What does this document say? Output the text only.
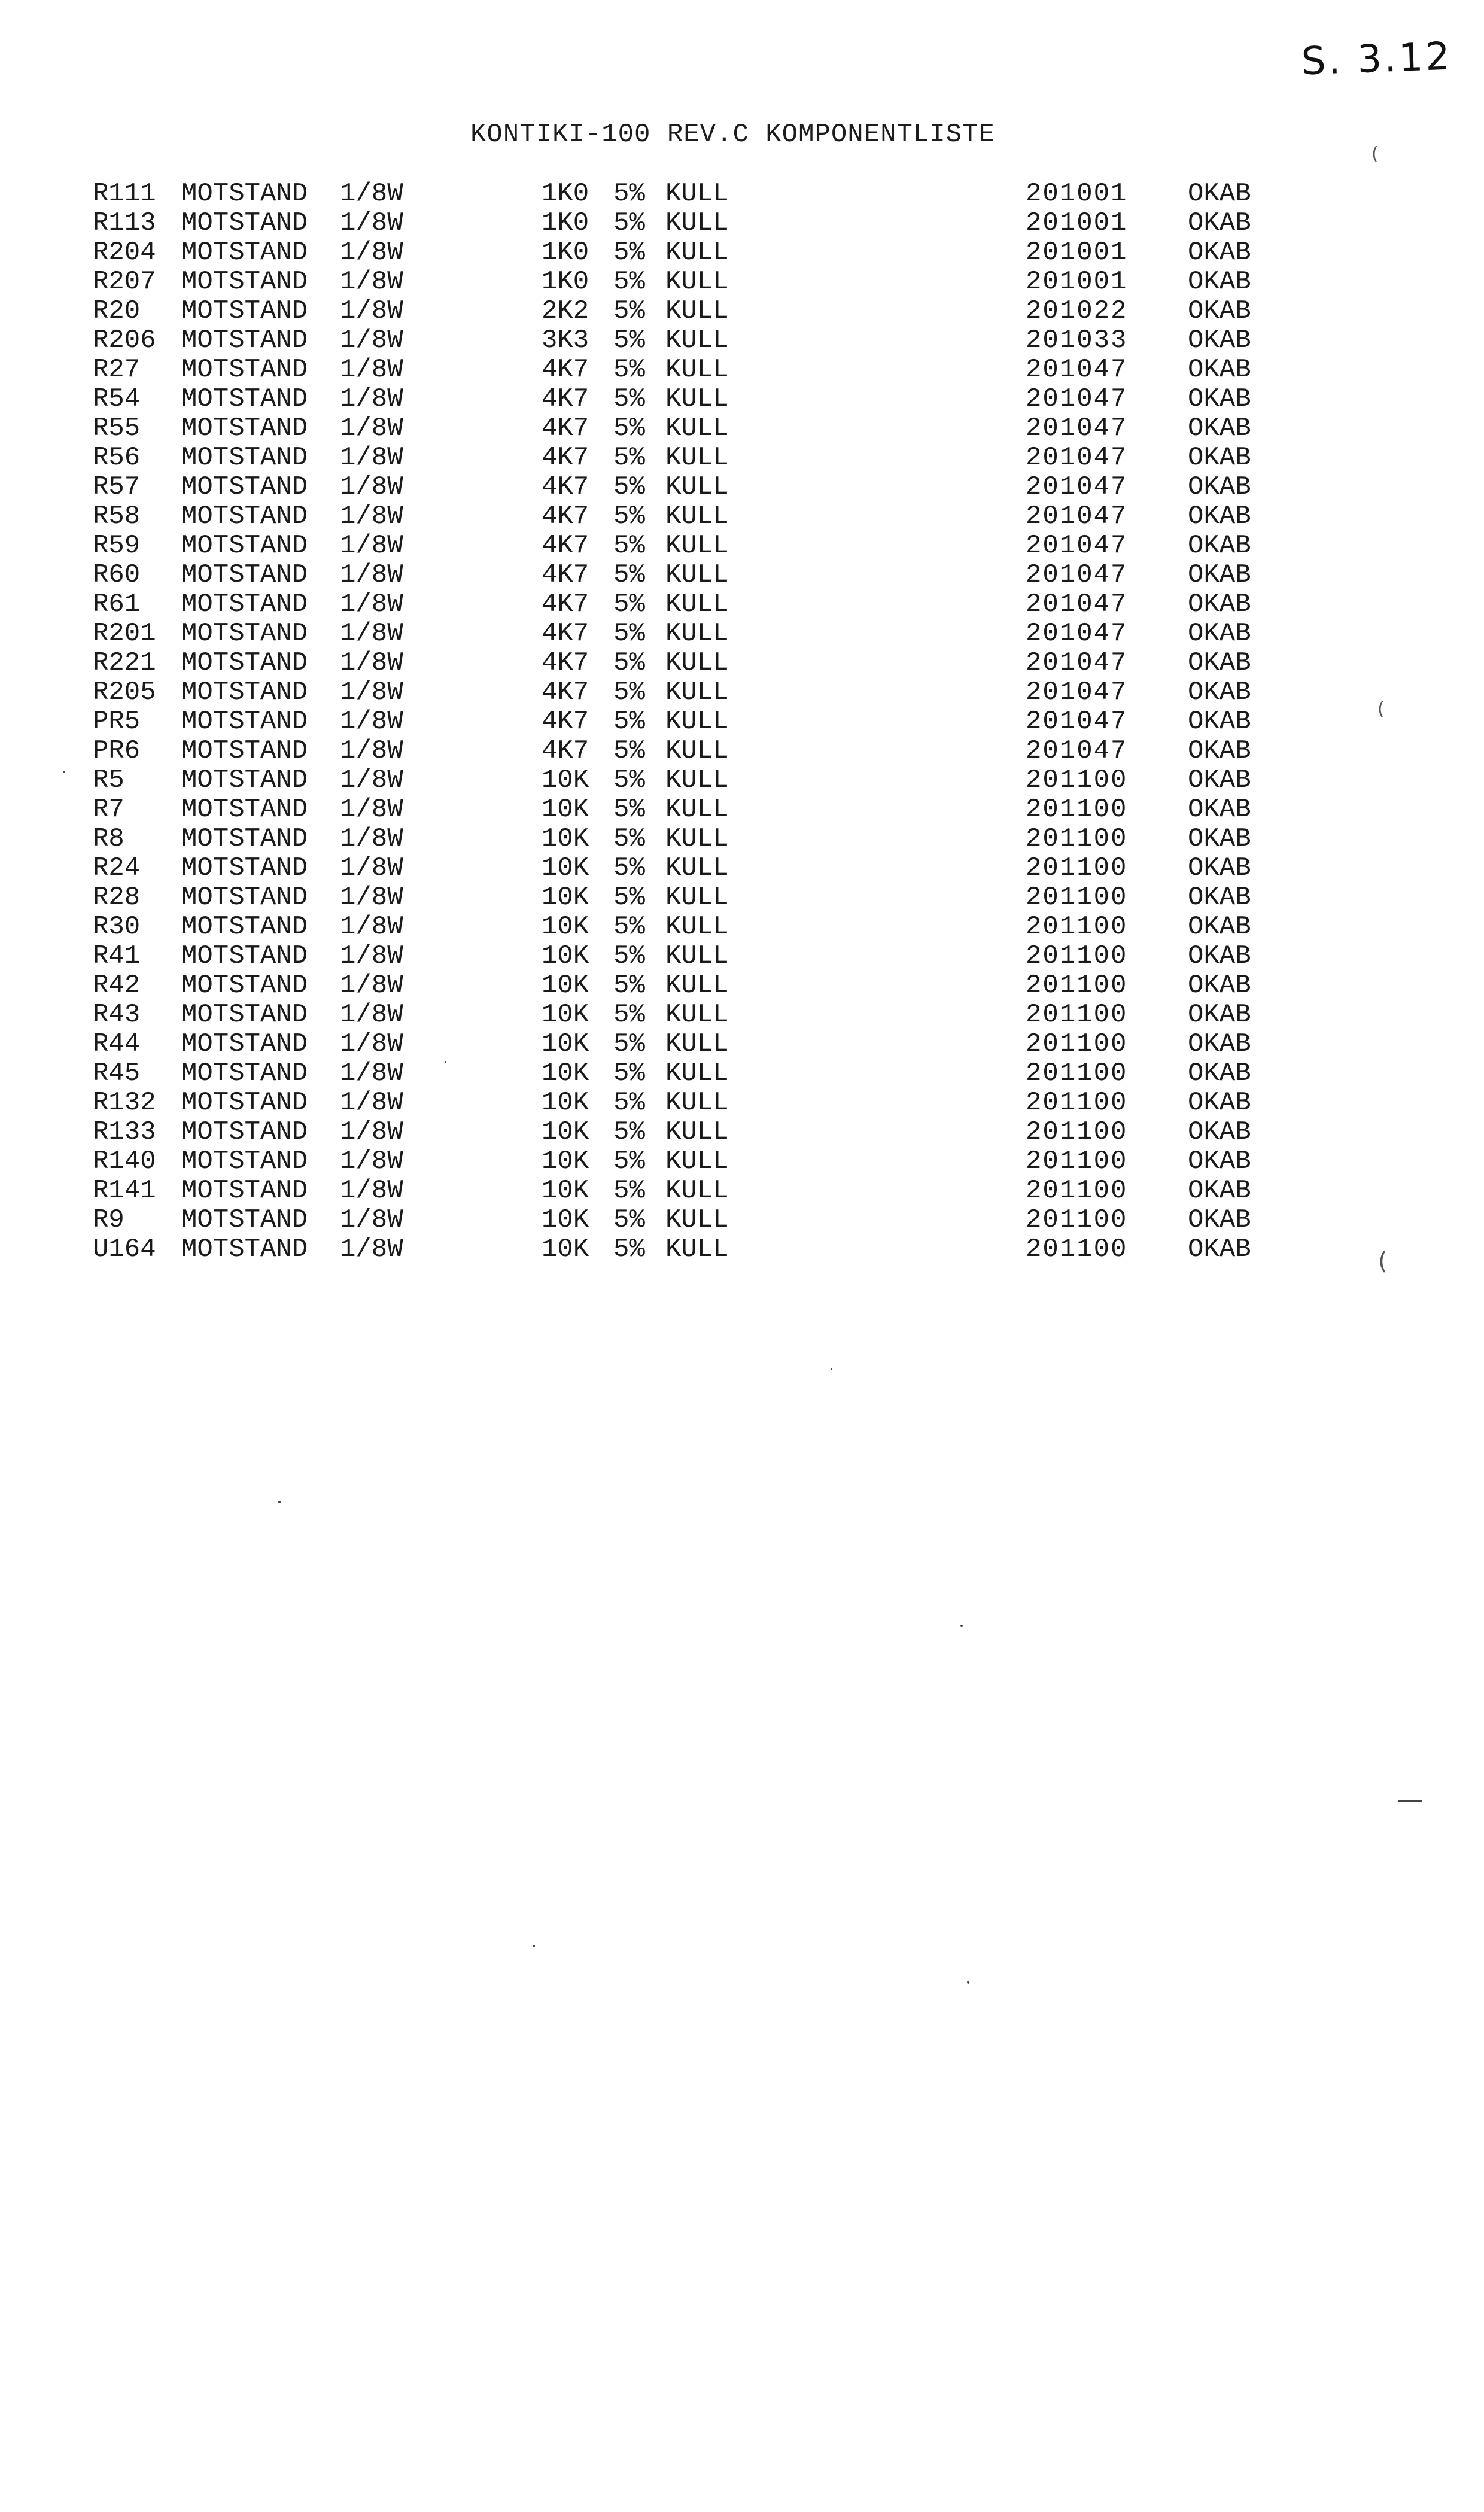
S. 3.12
KONTIKI-100 REV.C KOMPONENTLISTE
R111 MOTSTAND 1/8W	1K0 5% KULL	201001 OKAB
R113 MOTSTAND 1/8W	1K0 5% KULL	201001 OKAB
R204 MOTSTAND 1/8W	1K0 5% KULL	201001 OKAB
R207 MOTSTAND 1/8W	1K0 5% KULL	201001 OKAB
R20 MOTSTAND 1/8W	2K2 5% KULL	201022 OKAB
R206 MOTSTAND 1/8W	3K3 5% KULL	201033 OKAB
R27 MOTSTAND 1/8W	4K7 5% KULL	201047 OKAB
R54 MOTSTAND 1/8W	4K7 5% KULL	201047 OKAB
R55 MOTSTAND 1/8W	4K7 5% KULL	201047 OKAB
R56 MOTSTAND 1/8W	4K7 5% KULL	201047 OKAB
R57 MOTSTAND 1/8W	4K7 5% KULL	201047 OKAB
R58 MOTSTAND 1/8W	4K7 5% KULL	201047 OKAB
R59 MOTSTAND 1/8W	4K7 5% KULL	201047 OKAB
R60 MOTSTAND 1/8W	4K7 5% KULL	201047 OKAB
R61 MOTSTAND 1/8W	4K7 5% KULL	201047 OKAB
R201 MOTSTAND 1/8W	4K7 5% KULL	201047 OKAB
R221 MOTSTAND 1/8W	4K7 5% KULL	201047 OKAB
R205 MOTSTAND 1/8W	4K7 5% KULL	201047 OKAB
PR5 MOTSTAND 1/8W	4K7 5% KULL	201047 OKAB
PR6 MOTSTAND 1/8W	4K7 5% KULL	201047 OKAB
R5 MOTSTAND 1/8W	10K 5% KULL	201100 OKAB
R7 MOTSTAND 1/8W	10K 5% KULL	201100 OKAB
R8 MOTSTAND 1/8W	10K 5% KULL	201100 OKAB
R24 MOTSTAND 1/8W	10K 5% KULL	201100 OKAB
R28 MOTSTAND 1/8W	10K 5% KULL	201100 OKAB
R30 MOTSTAND 1/8W	10K 5% KULL	201100 OKAB
R41 MOTSTAND 1/8W	10K 5% KULL	201100 OKAB
R42 MOTSTAND 1/8W	10K 5% KULL	201100 OKAB
R43 MOTSTAND 1/8W	10K 5% KULL	201100 OKAB
R44 MOTSTAND 1/8W	10K 5% KULL	201100 OKAB
R45 MOTSTAND 1/8W	10K 5% KULL	201100 OKAB
R132 MOTSTAND 1/8W	10K 5% KULL	201100 OKAB
R133 MOTSTAND 1/8W	10K 5% KULL	201100 OKAB
R140 MOTSTAND 1/8W	10K 5% KULL	201100 OKAB
R141 MOTSTAND 1/8W	10K 5% KULL	201100 OKAB
R9 MOTSTAND 1/8W	10K 5% KULL	201100 OKAB
U164 MOTSTAND 1/8W	10K 5% KULL	201100 OKAB
(
(
(
